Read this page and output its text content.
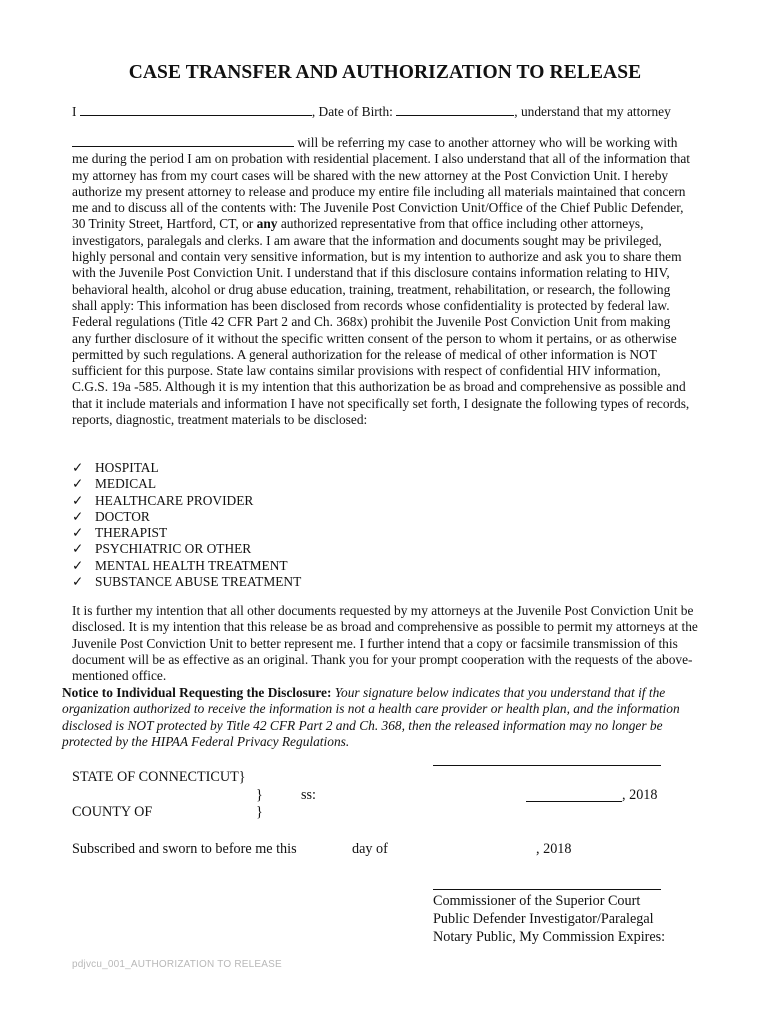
CASE TRANSFER AND AUTHORIZATION TO RELEASE
I	, Date of Birth:	, understand that my attorney
will be referring my case to another attorney who will be working with me during the period I am on probation with residential placement. I also understand that all of the information that my attorney has from my court cases will be shared with the new attorney at the Post Conviction Unit. I hereby authorize my present attorney to release and produce my entire file including all materials maintained that concern me and to discuss all of the contents with: The Juvenile Post Conviction Unit/Office of the Chief Public Defender, 30 Trinity Street, Hartford, CT, or any authorized representative from that office including other attorneys, investigators, paralegals and clerks. I am aware that the information and documents sought may be privileged, highly personal and contain very sensitive information, but is my intention to authorize and ask you to share them with the Juvenile Post Conviction Unit. I understand that if this disclosure contains information relating to HIV, behavioral health, alcohol or drug abuse education, training, treatment, rehabilitation, or research, the following shall apply: This information has been disclosed from records whose confidentiality is protected by federal law. Federal regulations (Title 42 CFR Part 2 and Ch. 368x) prohibit the Juvenile Post Conviction Unit from making any further disclosure of it without the specific written consent of the person to whom it pertains, or as otherwise permitted by such regulations. A general authorization for the release of medical of other information is NOT sufficient for this purpose. State law contains similar provisions with respect of confidential HIV information, C.G.S. 19a -585. Although it is my intention that this authorization be as broad and comprehensive as possible and that it include materials and information I have not specifically set forth, I designate the following types of records, reports, diagnostic, treatment materials to be disclosed:
✓ HOSPITAL
✓ MEDICAL
✓ HEALTHCARE PROVIDER
✓ DOCTOR
✓ THERAPIST
✓ PSYCHIATRIC OR OTHER
✓ MENTAL HEALTH TREATMENT
✓ SUBSTANCE ABUSE TREATMENT
It is further my intention that all other documents requested by my attorneys at the Juvenile Post Conviction Unit be disclosed. It is my intention that this release be as broad and comprehensive as possible to permit my attorneys at the Juvenile Post Conviction Unit to better represent me. I further intend that a copy or facsimile transmission of this document will be as effective as an original. Thank you for your prompt cooperation with the requests of the above-mentioned office.
Notice to Individual Requesting the Disclosure: Your signature below indicates that you understand that if the organization authorized to receive the information is not a health care provider or health plan, and the information disclosed is NOT protected by Title 42 CFR Part 2 and Ch. 368, then the released information may no longer be protected by the HIPAA Federal Privacy Regulations.
STATE OF CONNECTICUT}
}	ss:
COUNTY OF	}
, 2018
Subscribed and sworn to before me this	day of	, 2018
Commissioner of the Superior Court
Public Defender Investigator/Paralegal
Notary Public, My Commission Expires:
pdjvcu_001_AUTHORIZATION TO RELEASE
